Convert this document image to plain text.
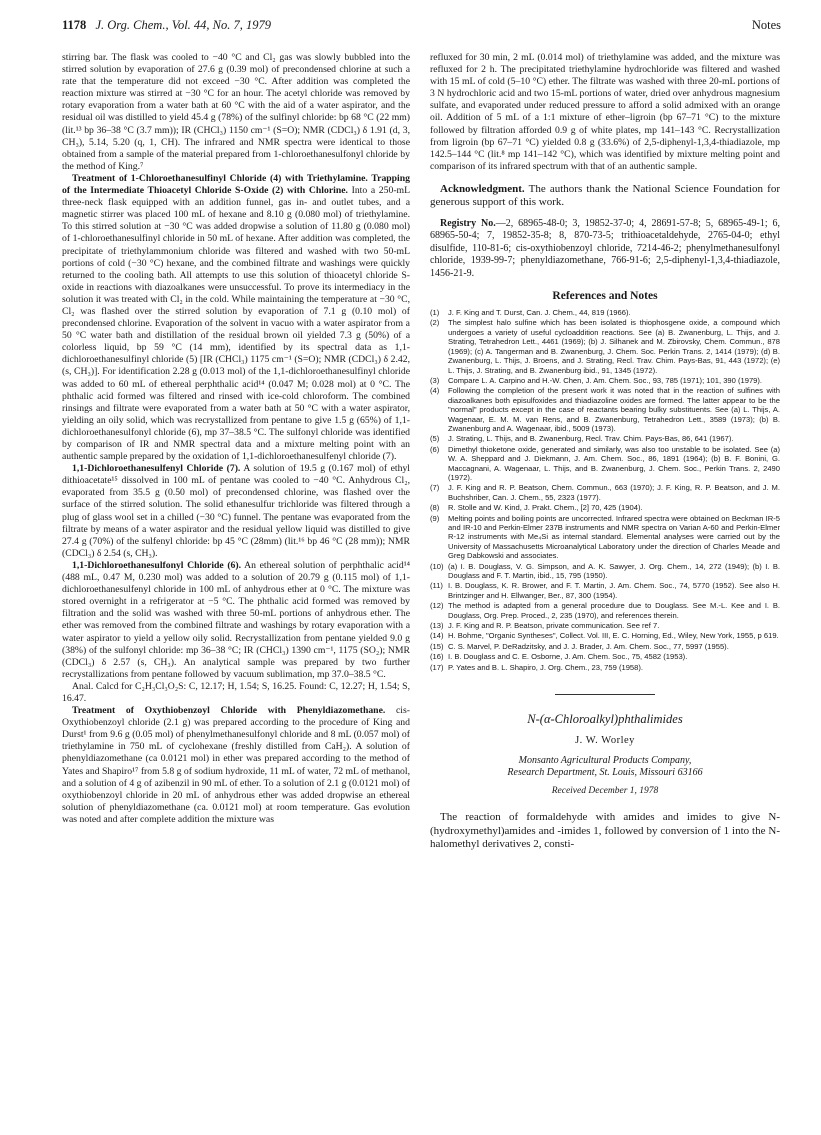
1178 J. Org. Chem., Vol. 44, No. 7, 1979	Notes

stirring bar. The flask was cooled to −40 °C and Cl₂ gas was slowly bubbled into the stirred solution by evaporation of 27.6 g (0.39 mol) of precondensed chlorine at such a rate that the temperature did not exceed −30 °C. After addition was completed the reaction mixture was stirred at −30 °C for an hour. The acetyl chloride was removed by rotary evaporation from a water bath at 60 °C with the aid of a water aspirator, and the residual oil was distilled to yield 45.4 g (78%) of the sulfinyl chloride: bp 68 °C (22 mm) (lit.¹³ bp 36–38 °C (3.7 mm)); IR (CHCl₃) 1150 cm⁻¹ (S=O); NMR (CDCl₃) δ 1.91 (d, 3, CH₃), 5.14, 5.20 (q, 1, CH). The infrared and NMR spectra were identical to those obtained from a sample of the material prepared from 1-chloroethanesulfonyl chloride by the method of King.⁷

Treatment of 1-Chloroethanesulfinyl Chloride (4) with Triethylamine. Trapping of the Intermediate Thioacetyl Chloride S-Oxide (2) with Chlorine. Into a 250-mL three-neck flask equipped with an addition funnel, gas in- and outlet tubes, and a magnetic stirrer was placed 100 mL of hexane and 8.10 g (0.080 mol) of triethylamine. To this stirred solution at −30 °C was added dropwise a solution of 11.80 g (0.080 mol) of 1-chloroethanesulfinyl chloride in 50 mL of hexane. After addition was completed, the precipitate of triethylammonium chloride was filtered and washed with two 50-mL portions of cold (−30 °C) hexane, and the combined filtrate and washings were quickly returned to the cooling bath. All attempts to use this solution of thioacetyl chloride S-oxide in reactions with diazoalkanes were unsuccessful. To prove its intermediacy in the solution it was treated with Cl₂ in the cold. While maintaining the temperature at −30 °C, Cl₂ was flashed over the stirred solution by evaporation of 7.1 g (0.10 mol) of precondensed chlorine. Evaporation of the solvent in vacuo with a water aspirator from a 50 °C water bath and distillation of the residual brown oil yielded 7.3 g (50%) of a colorless liquid, bp 59 °C (14 mm), identified by its spectral data as 1,1-dichloroethanesulfinyl chloride (5) [IR (CHCl₃) 1175 cm⁻¹ (S=O); NMR (CDCl₃) δ 2.42, (s, CH₃)]. For identification 2.28 g (0.013 mol) of the 1,1-dichloroethanesulfinyl chloride was added to 60 mL of ethereal perphthalic acid¹⁴ (0.047 M; 0.028 mol) at 0 °C. The phthalic acid formed was filtered and rinsed with ice-cold chloroform. The combined rinsings and filtrate were evaporated from a water bath at 50 °C with a water aspirator, yielding an oily solid, which was recrystallized from pentane to give 1.5 g (65%) of 1,1-dichloroethanesulfonyl chloride (6), mp 37–38.5 °C. The sulfonyl chloride was identified by comparison of IR and NMR spectral data and a mixture melting point with an authentic sample prepared by the oxidation of 1,1-dichloroethanesulfenyl chloride (7).

1,1-Dichloroethanesulfenyl Chloride (7). A solution of 19.5 g (0.167 mol) of ethyl dithioacetate¹⁵ dissolved in 100 mL of pentane was cooled to −40 °C. Anhydrous Cl₂, evaporated from 35.5 g (0.50 mol) of precondensed chlorine, was flashed over the surface of the stirred solution. The solid ethanesulfur trichloride was filtered through a plug of glass wool set in a chilled (−30 °C) funnel. The pentane was evaporated from the filtrate by means of a water aspirator and the residual yellow liquid was distilled to give 27.4 g (70%) of the sulfenyl chloride: bp 45 °C (28mm) (lit.¹⁶ bp 46 °C (28 mm)); NMR (CDCl₃) δ 2.54 (s, CH₃).

1,1-Dichloroethanesulfonyl Chloride (6). An ethereal solution of perphthalic acid¹⁴ (488 mL, 0.47 M, 0.230 mol) was added to a solution of 20.79 g (0.115 mol) of 1,1-dichloroethanesulfenyl chloride in 100 mL of anhydrous ether at 0 °C. The mixture was stored overnight in a refrigerator at −5 °C. The phthalic acid formed was removed by filtration and the solid was washed with three 50-mL portions of anhydrous ether. The ether was removed from the combined filtrate and washings by rotary evaporation with a water aspirator to yield a yellow oily solid. Recrystallization from pentane yielded 9.0 g (38%) of the sulfonyl chloride: mp 36–38 °C; IR (CHCl₃) 1390 cm⁻¹, 1175 (SO₂); NMR (CDCl₃) δ 2.57 (s, CH₃). An analytical sample was prepared by two further recrystallizations from pentane followed by vacuum sublimation, mp 37.0–38.5 °C.

Anal. Calcd for C₂H₃Cl₃O₂S: C, 12.17; H, 1.54; S, 16.25. Found: C, 12.27; H, 1.54; S, 16.47.

Treatment of Oxythiobenzoyl Chloride with Phenyldiazomethane. cis-Oxythiobenzoyl chloride (2.1 g) was prepared according to the procedure of King and Durst¹ from 9.6 g (0.05 mol) of phenylmethanesulfonyl chloride and 8 mL (0.057 mol) of triethylamine in 750 mL of cyclohexane (freshly distilled from CaH₂). A solution of phenyldiazomethane (ca 0.0121 mol) in ether was prepared according to the method of Yates and Shapiro¹⁷ from 5.8 g of sodium hydroxide, 11 mL of water, 72 mL of methanol, and a solution of 4 g of azibenzil in 90 mL of ether. To a solution of 2.1 g (0.0121 mol) of oxythiobenzoyl chloride in 20 mL of anhydrous ether was added dropwise an ethereal solution of phenyldiazomethane (ca. 0.0121 mol) at room temperature. Gas evolution was noted and after complete addition the mixture was

refluxed for 30 min, 2 mL (0.014 mol) of triethylamine was added, and the mixture was refluxed for 2 h. The precipitated triethylamine hydrochloride was filtered and washed with 15 mL of cold (5–10 °C) ether. The filtrate was washed with three 20-mL portions of 3 N hydrochloric acid and two 15-mL portions of water, dried over anhydrous magnesium sulfate, and evaporated under reduced pressure to afford a solid admixed with an orange oil. Addition of 5 mL of a 1:1 mixture of ether–ligroin (bp 67–71 °C) to the mixture followed by filtration afforded 0.9 g of white plates, mp 141–143 °C. Recrystallization from ligroin (bp 67–71 °C) yielded 0.8 g (33.6%) of 2,5-diphenyl-1,3,4-thiadiazole, mp 142.5–144 °C (lit.⁸ mp 141–142 °C), which was identified by mixture melting point and comparison of its infrared spectrum with that of an authentic sample.

Acknowledgment. The authors thank the National Science Foundation for generous support of this work.

Registry No.—2, 68965-48-0; 3, 19852-37-0; 4, 28691-57-8; 5, 68965-49-1; 6, 68965-50-4; 7, 19852-35-8; 8, 870-73-5; trithioacetaldehyde, 2765-04-0; ethyl disulfide, 110-81-6; cis-oxythiobenzoyl chloride, 7214-46-2; phenylmethanesulfonyl chloride, 1939-99-7; phenyldiazomethane, 766-91-6; 2,5-diphenyl-1,3,4-thiadiazole, 1456-21-9.

References and Notes
(1)	J. F. King and T. Durst, Can. J. Chem., 44, 819 (1966).
(2)	The simplest halo sulfine which has been isolated is thiophosgene oxide, a compound which undergoes a variety of useful cycloaddition reactions. See (a) B. Zwanenburg, L. Thijs, and J. Strating, Tetrahedron Lett., 4461 (1969); (b) J. Silhanek and M. Zbirovsky, Chem. Commun., 878 (1969); (c) A. Tangerman and B. Zwanenburg, J. Chem. Soc. Perkin Trans. 2, 1414 (1979); (d) B. Zwanenburg, L. Thijs, J. Broens, and J. Strating, Recl. Trav. Chim. Pays-Bas, 91, 443 (1972); (e) L. Thijs, J. Strating, and B. Zwanenburg ibid., 91, 1345 (1972).
(3)	Compare L. A. Carpino and H.-W. Chen, J. Am. Chem. Soc., 93, 785 (1971); 101, 390 (1979).
(4)	Following the completion of the present work it was noted that in the reaction of sulfines with diazoalkanes both episulfoxides and thiadiazoline oxides are formed. The latter appear to be the "normal" products except in the case of reactants bearing bulky substituents. See (a) L. Thijs, A. Wagenaar, E. M. M. van Rens, and B. Zwanenburg, Tetrahedron Lett., 3589 (1973); (b) B. Zwanenburg and A. Wagenaar, ibid., 5009 (1973).
(5)	J. Strating, L. Thijs, and B. Zwanenburg, Recl. Trav. Chim. Pays-Bas, 86, 641 (1967).
(6)	Dimethyl thioketone oxide, generated and similarly, was also too unstable to be isolated. See (a) W. A. Sheppard and J. Diekmann, J. Am. Chem. Soc., 86, 1891 (1964); (b) B. F. Bonini, G. Maccagnani, A. Wagenaar, L. Thijs, and B. Zwanenburg, J. Chem. Soc., Perkin Trans. 2, 2490 (1972).
(7)	J. F. King and R. P. Beatson, Chem. Commun., 663 (1970); J. F. King, R. P. Beatson, and J. M. Buchshriber, Can. J. Chem., 55, 2323 (1977).
(8)	R. Stolle and W. Kind, J. Prakt. Chem., [2] 70, 425 (1904).
(9)	Melting points and boiling points are uncorrected. Infrared spectra were obtained on Beckman IR-5 and IR-10 and Perkin-Elmer 237B instruments and NMR spectra on Varian A-60 and Perkin-Elmer R-12 instruments with Me₄Si as internal standard. Elemental analyses were carried out by the University of Massachusetts Microanalytical Laboratory under the direction of Charles Meade and Greg Dabkowski and associates.
(10) (a) I. B. Douglass, V. G. Simpson, and A. K. Sawyer, J. Org. Chem., 14, 272 (1949); (b) I. B. Douglass and F. T. Martin, ibid., 15, 795 (1950).
(11) I. B. Douglass, K. R. Brower, and F. T. Martin, J. Am. Chem. Soc., 74, 5770 (1952). See also H. Brintzinger and H. Ellwanger, Ber., 87, 300 (1954).
(12) The method is adapted from a general procedure due to Douglass. See M.-L. Kee and I. B. Douglass, Org. Prep. Proced., 2, 235 (1970), and references therein.
(13) J. F. King and R. P. Beatson, private communication. See ref 7.
(14) H. Bohme, "Organic Syntheses", Collect. Vol. III, E. C. Horning, Ed., Wiley, New York, 1955, p 619.
(15) C. S. Marvel, P. DeRadzitsky, and J. J. Brader, J. Am. Chem. Soc., 77, 5997 (1955).
(16) I. B. Douglass and C. E. Osborne, J. Am. Chem. Soc., 75, 4582 (1953).
(17) P. Yates and B. L. Shapiro, J. Org. Chem., 23, 759 (1958).
N-(α-Chloroalkyl)phthalimides
J. W. Worley
Monsanto Agricultural Products Company,
Research Department, St. Louis, Missouri 63166
Received December 1, 1978

The reaction of formaldehyde with amides and imides to give N-(hydroxymethyl)amides and -imides 1, followed by conversion of 1 into the N-halomethyl derivatives 2, consti-
